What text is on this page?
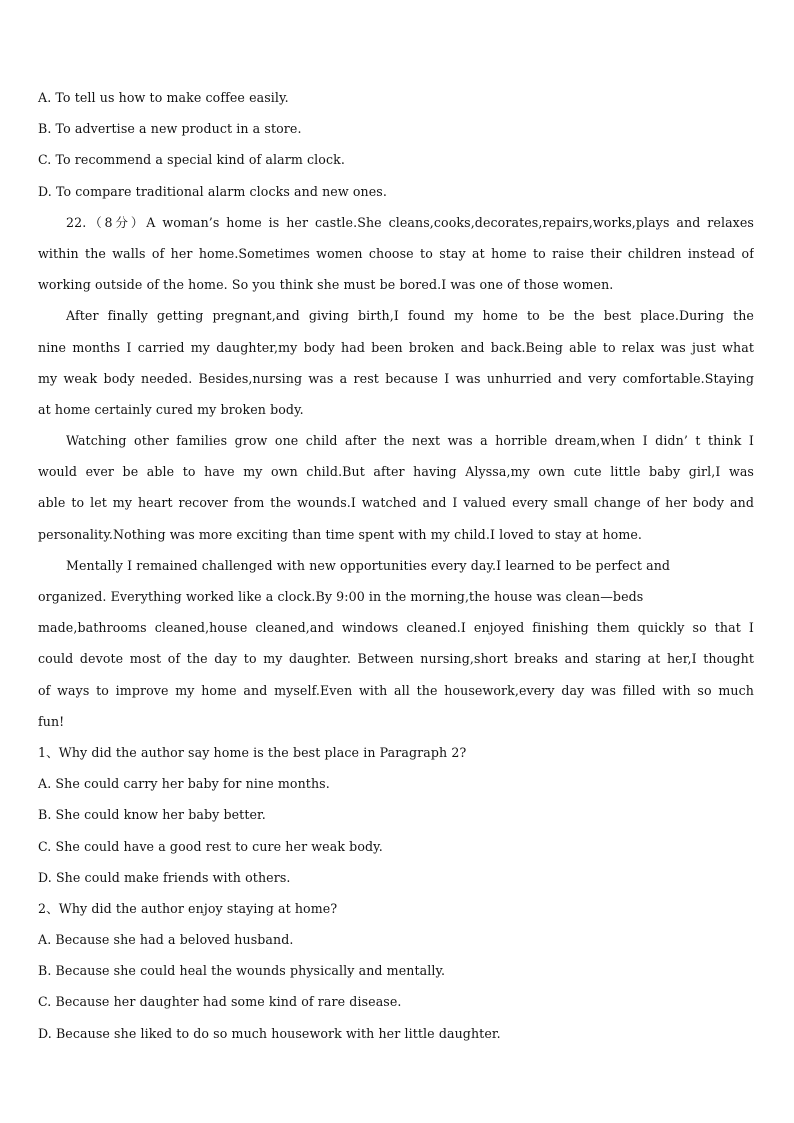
A. To tell us how to make coffee easily.
B. To advertise a new product in a store.
C. To recommend a special kind of alarm clock.
D. To compare traditional alarm clocks and new ones.
22.（8分）A woman’s home is her castle.She cleans,cooks,decorates,repairs,works,plays and relaxes
within the walls of her home.Sometimes women choose to stay at home to raise their children instead of
working outside of the home. So you think she must be bored.I was one of those women.
After finally getting pregnant,and giving birth,I found my home to be the best place.During the
nine months I carried my daughter,my body had been broken and back.Being able to relax was just what
my weak body needed. Besides,nursing was a rest because I was unhurried and very comfortable.Staying
at home certainly cured my broken body.
Watching other families grow one child after the next was a horrible dream,when I didn’ t think I
would ever be able to have my own child.But after having Alyssa,my own cute little baby girl,I was
able to let my heart recover from the wounds.I watched and I valued every small change of her body and
personality.Nothing was more exciting than time spent with my child.I loved to stay at home.
Mentally I remained challenged with new opportunities every day.I learned to be perfect and
organized. Everything worked like a clock.By 9:00 in the morning,the house was clean—beds
made,bathrooms cleaned,house cleaned,and windows cleaned.I enjoyed finishing them quickly so that I
could devote most of the day to my daughter. Between nursing,short breaks and staring at her,I thought
of ways to improve my home and myself.Even with all the housework,every day was filled with so much
fun!
1、Why did the author say home is the best place in Paragraph 2?
A. She could carry her baby for nine months.
B. She could know her baby better.
C. She could have a good rest to cure her weak body.
D. She could make friends with others.
2、Why did the author enjoy staying at home?
A. Because she had a beloved husband.
B. Because she could heal the wounds physically and mentally.
C. Because her daughter had some kind of rare disease.
D. Because she liked to do so much housework with her little daughter.
